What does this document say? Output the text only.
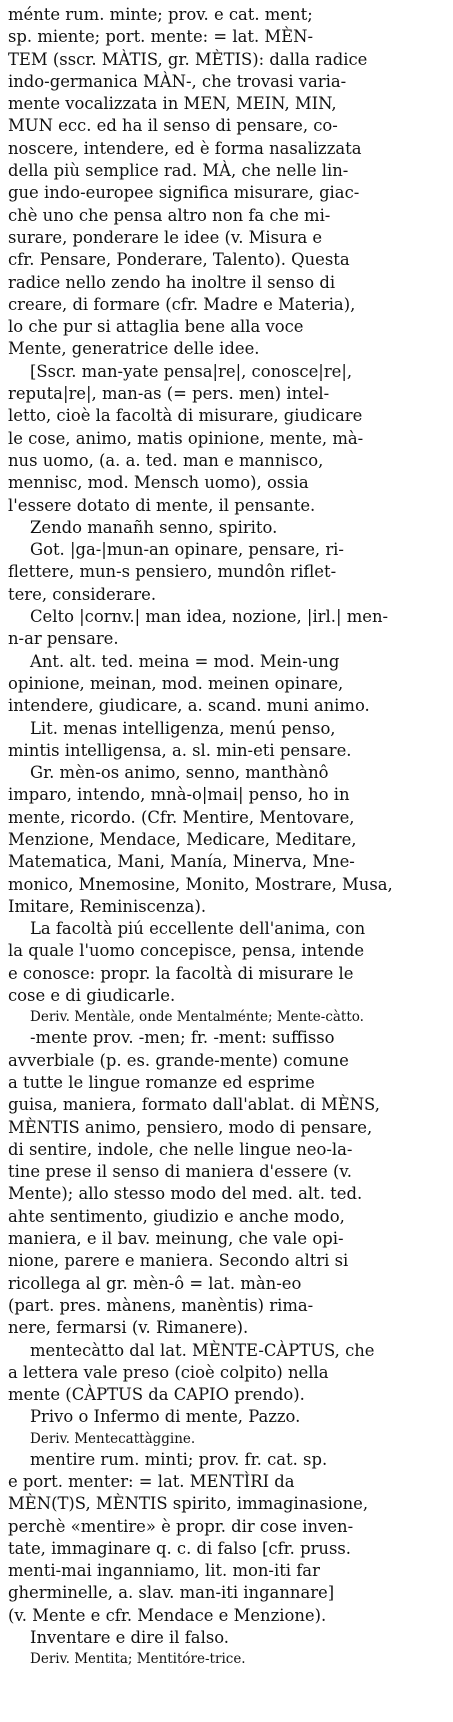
ménte rum. minte; prov. e cat. ment;
sp. miente; port. mente: = lat. MÈN-
TEM (sscr. MÀTIS, gr. MÈTIS): dalla radice
indo-germanica MÀN-, che trovasi varia-
mente vocalizzata in MEN, MEIN, MIN,
MUN ecc. ed ha il senso di pensare, co-
noscere, intendere, ed è forma nasalizzata
della più semplice rad. MÀ, che nelle lin-
gue indo-europee significa misurare, giac-
chè uno che pensa altro non fa che mi-
surare, ponderare le idee (v. Misura e
cfr. Pensare, Ponderare, Talento). Questa
radice nello zendo ha inoltre il senso di
creare, di formare (cfr. Madre e Materia),
lo che pur si attaglia bene alla voce
Mente, generatrice delle idee.
[Sscr. man-yate pensa|re|, conosce|re|,
reputa|re|, man-as (= pers. men) intel-
letto, cioè la facoltà di misurare, giudicare
le cose, animo, matis opinione, mente, mà-
nus uomo, (a. a. ted. man e mannisco,
mennisc, mod. Mensch uomo), ossia
l'essere dotato di mente, il pensante.
Zendo manañh senno, spirito.
Got. |ga-|mun-an opinare, pensare, ri-
flettere, mun-s pensiero, mundôn riflet-
tere, considerare.
Celto |cornv.| man idea, nozione, |irl.| men-
n-ar pensare.
Ant. alt. ted. meina = mod. Mein-ung
opinione, meinan, mod. meinen opinare,
intendere, giudicare, a. scand. muni animo.
Lit. menas intelligenza, menú penso,
mintis intelligensa, a. sl. min-eti pensare.
Gr. mèn-os animo, senno, manthànô
imparo, intendo, mnà-o|mai| penso, ho in
mente, ricordo. (Cfr. Mentire, Mentovare,
Menzione, Mendace, Medicare, Meditare,
Matematica, Mani, Manía, Minerva, Mne-
monico, Mnemosine, Monito, Mostrare, Musa,
Imitare, Reminiscenza).
La facoltà piú eccellente dell'anima, con
la quale l'uomo concepisce, pensa, intende
e conosce: propr. la facoltà di misurare le
cose e di giudicarle.
Deriv. Mentàle, onde Mentalménte; Mente-càtto.
-mente prov. -men; fr. -ment: suffisso
avverbiale (p. es. grande-mente) comune
a tutte le lingue romanze ed esprime
guisa, maniera, formato dall'ablat. di MÈNS,
MÈNTIS animo, pensiero, modo di pensare,
di sentire, indole, che nelle lingue neo-la-
tine prese il senso di maniera d'essere (v.
Mente); allo stesso modo del med. alt. ted.
ahte sentimento, giudizio e anche modo,
maniera, e il bav. meinung, che vale opi-
nione, parere e maniera. Secondo altri si
ricollega al gr. mèn-ô = lat. màn-eo
(part. pres. mànens, manèntis) rima-
nere, fermarsi (v. Rimanere).
mentecàtto dal lat. MÈNTE-CÀPTUS, che
a lettera vale preso (cioè colpito) nella
mente (CÀPTUS da CAPIO prendo).
Privo o Infermo di mente, Pazzo.
Deriv. Mentecattàggine.
mentire rum. minti; prov. fr. cat. sp.
e port. menter: = lat. MENTÌRI da
MÈN(T)S, MÈNTIS spirito, immaginasione,
perchè «mentire» è propr. dir cose inven-
tate, immaginare q. c. di falso [cfr. pruss.
menti-mai inganniamo, lit. mon-iti far
gherminelle, a. slav. man-iti ingannare]
(v. Mente e cfr. Mendace e Menzione).
Inventare e dire il falso.
Deriv. Mentita; Mentitóre-trice.
